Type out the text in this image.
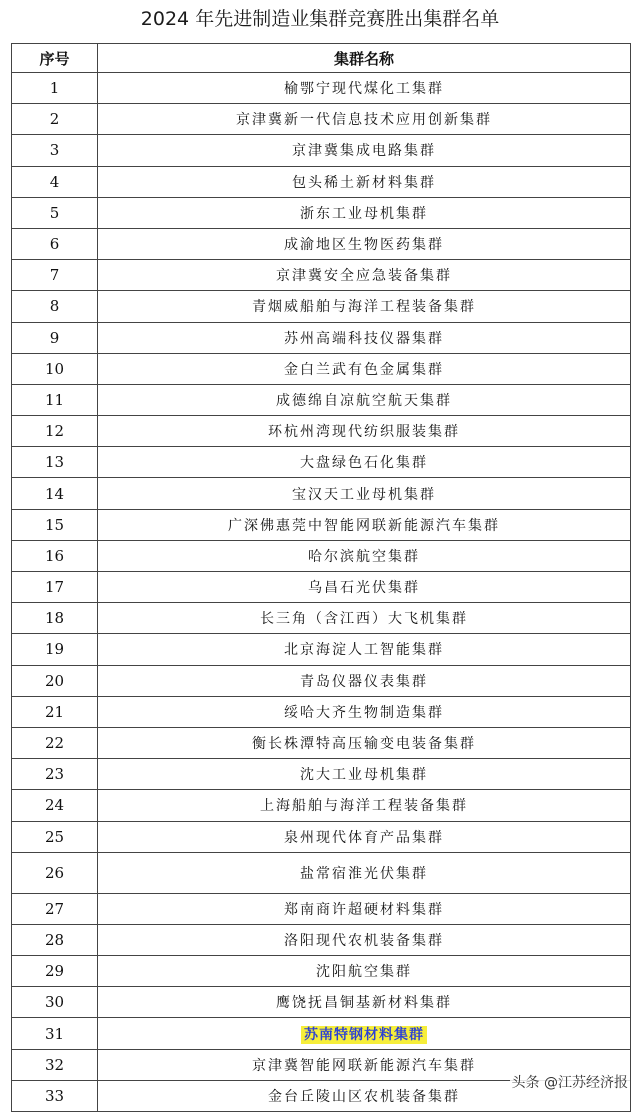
2024 年先进制造业集群竞赛胜出集群名单
序号	集群名称
1	榆鄂宁现代煤化工集群
2	京津冀新一代信息技术应用创新集群
3	京津冀集成电路集群
4	包头稀土新材料集群
5	浙东工业母机集群
6	成渝地区生物医药集群
7	京津冀安全应急装备集群
8	青烟威船舶与海洋工程装备集群
9	苏州高端科技仪器集群
10	金白兰武有色金属集群
11	成德绵自凉航空航天集群
12	环杭州湾现代纺织服装集群
13	大盘绿色石化集群
14	宝汉天工业母机集群
15	广深佛惠莞中智能网联新能源汽车集群
16	哈尔滨航空集群
17	乌昌石光伏集群
18	长三角（含江西）大飞机集群
19	北京海淀人工智能集群
20	青岛仪器仪表集群
21	绥哈大齐生物制造集群
22	衡长株潭特高压输变电装备集群
23	沈大工业母机集群
24	上海船舶与海洋工程装备集群
25	泉州现代体育产品集群
26	盐常宿淮光伏集群
27	郑南商许超硬材料集群
28	洛阳现代农机装备集群
29	沈阳航空集群
30	鹰饶抚昌铜基新材料集群
31	苏南特钢材料集群
32	京津冀智能网联新能源汽车集群
33	金台丘陵山区农机装备集群
头条 @江苏经济报
